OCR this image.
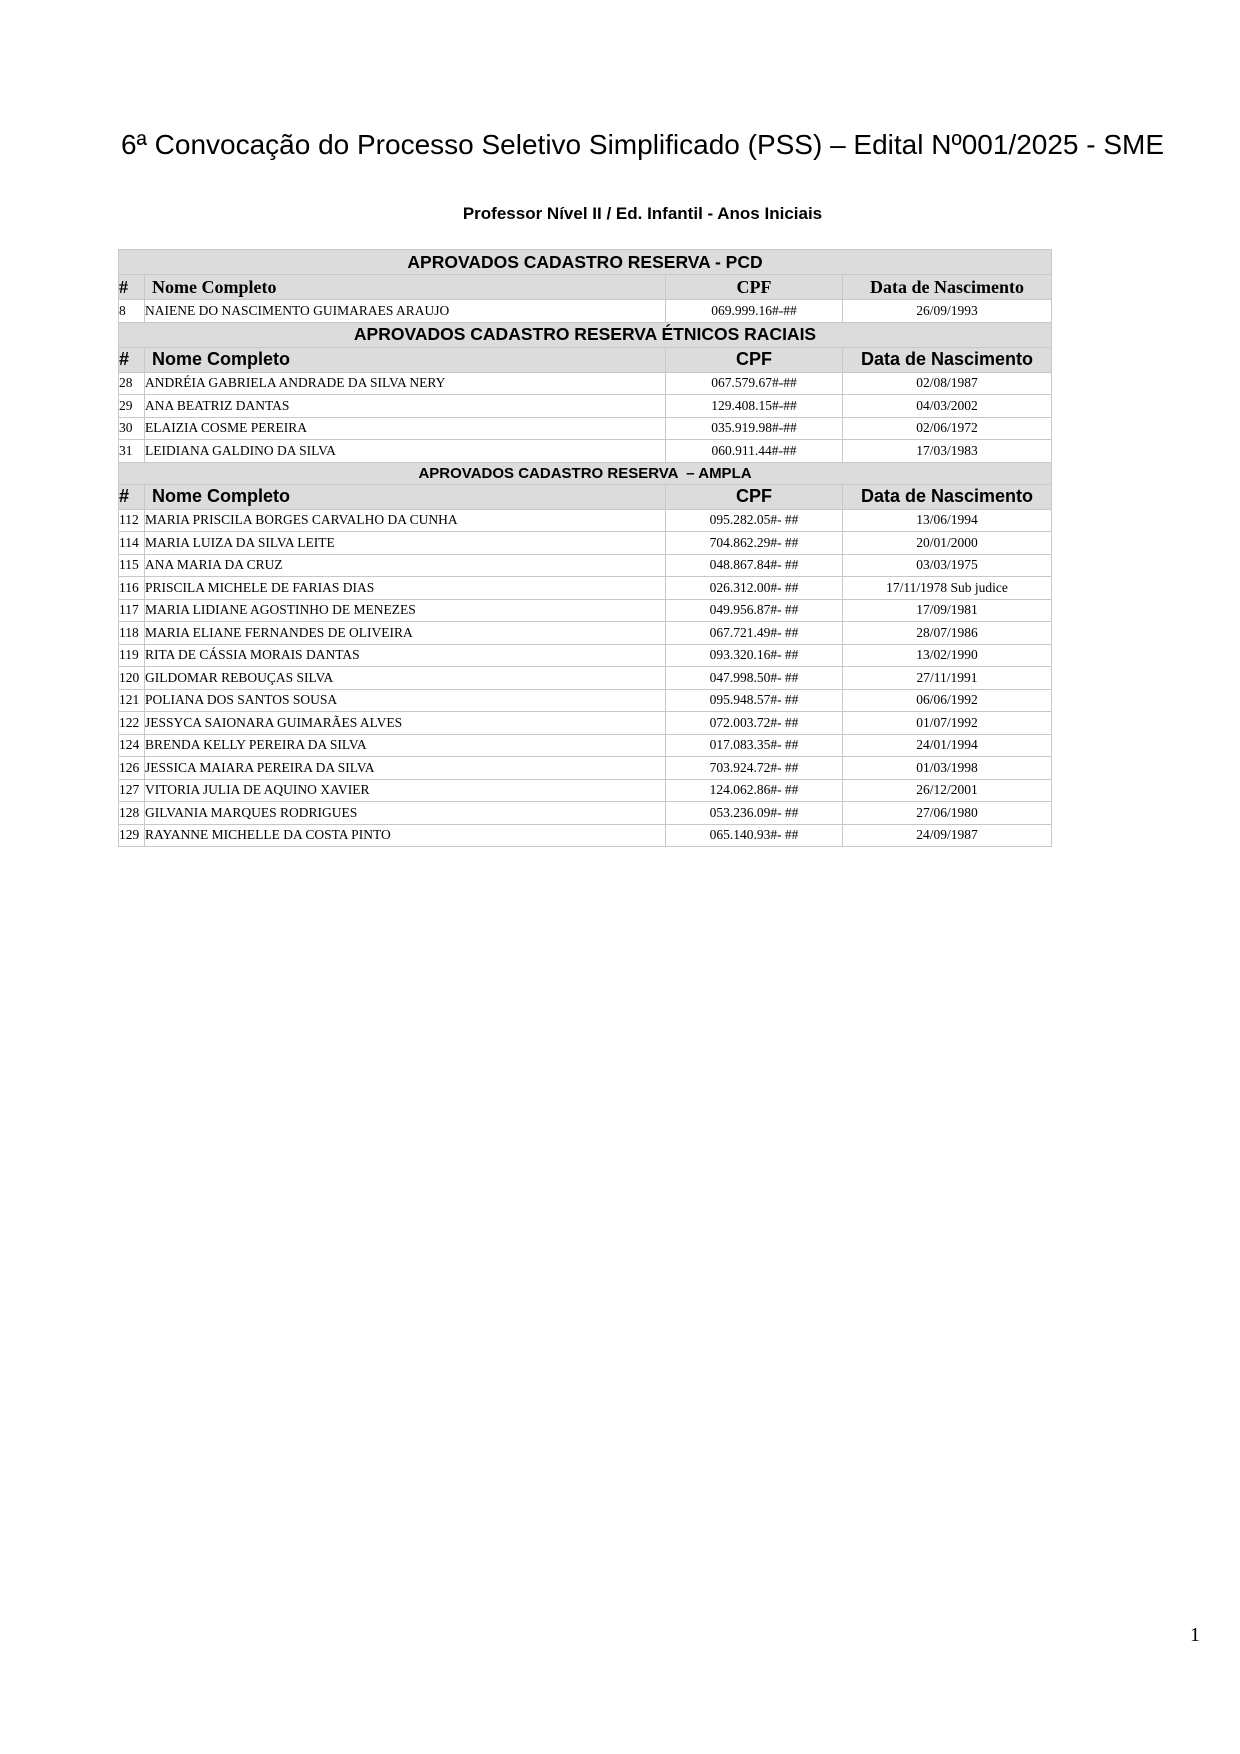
6ª Convocação do Processo Seletivo Simplificado (PSS) – Edital Nº001/2025 - SME
Professor Nível II / Ed. Infantil - Anos Iniciais
APROVADOS CADASTRO RESERVA - PCD			
#	Nome Completo	CPF	Data de Nascimento
8	NAIENE DO NASCIMENTO GUIMARAES ARAUJO	069.999.16#-##	26/09/1993
APROVADOS CADASTRO RESERVA ÉTNICOS RACIAIS			
#	Nome Completo	CPF	Data de Nascimento
28	ANDRÉIA GABRIELA ANDRADE DA SILVA NERY	067.579.67#-##	02/08/1987
29	ANA BEATRIZ DANTAS	129.408.15#-##	04/03/2002
30	ELAIZIA COSME PEREIRA	035.919.98#-##	02/06/1972
31	LEIDIANA GALDINO DA SILVA	060.911.44#-##	17/03/1983
APROVADOS CADASTRO RESERVA  – AMPLA			
#	Nome Completo	CPF	Data de Nascimento
112	MARIA PRISCILA BORGES CARVALHO DA CUNHA	095.282.05#- ##	13/06/1994
114	MARIA LUIZA DA SILVA LEITE	704.862.29#- ##	20/01/2000
115	ANA MARIA DA CRUZ	048.867.84#- ##	03/03/1975
116	PRISCILA MICHELE DE FARIAS DIAS	026.312.00#- ##	17/11/1978 Sub judice
117	MARIA LIDIANE AGOSTINHO DE MENEZES	049.956.87#- ##	17/09/1981
118	MARIA ELIANE FERNANDES DE OLIVEIRA	067.721.49#- ##	28/07/1986
119	RITA DE CÁSSIA MORAIS DANTAS	093.320.16#- ##	13/02/1990
120	GILDOMAR REBOUÇAS SILVA	047.998.50#- ##	27/11/1991
121	POLIANA DOS SANTOS SOUSA	095.948.57#- ##	06/06/1992
122	JESSYCA SAIONARA GUIMARÃES ALVES	072.003.72#- ##	01/07/1992
124	BRENDA KELLY PEREIRA DA SILVA	017.083.35#- ##	24/01/1994
126	JESSICA MAIARA PEREIRA DA SILVA	703.924.72#- ##	01/03/1998
127	VITORIA JULIA DE AQUINO XAVIER	124.062.86#- ##	26/12/2001
128	GILVANIA MARQUES RODRIGUES	053.236.09#- ##	27/06/1980
129	RAYANNE MICHELLE DA COSTA PINTO	065.140.93#- ##	24/09/1987
1
